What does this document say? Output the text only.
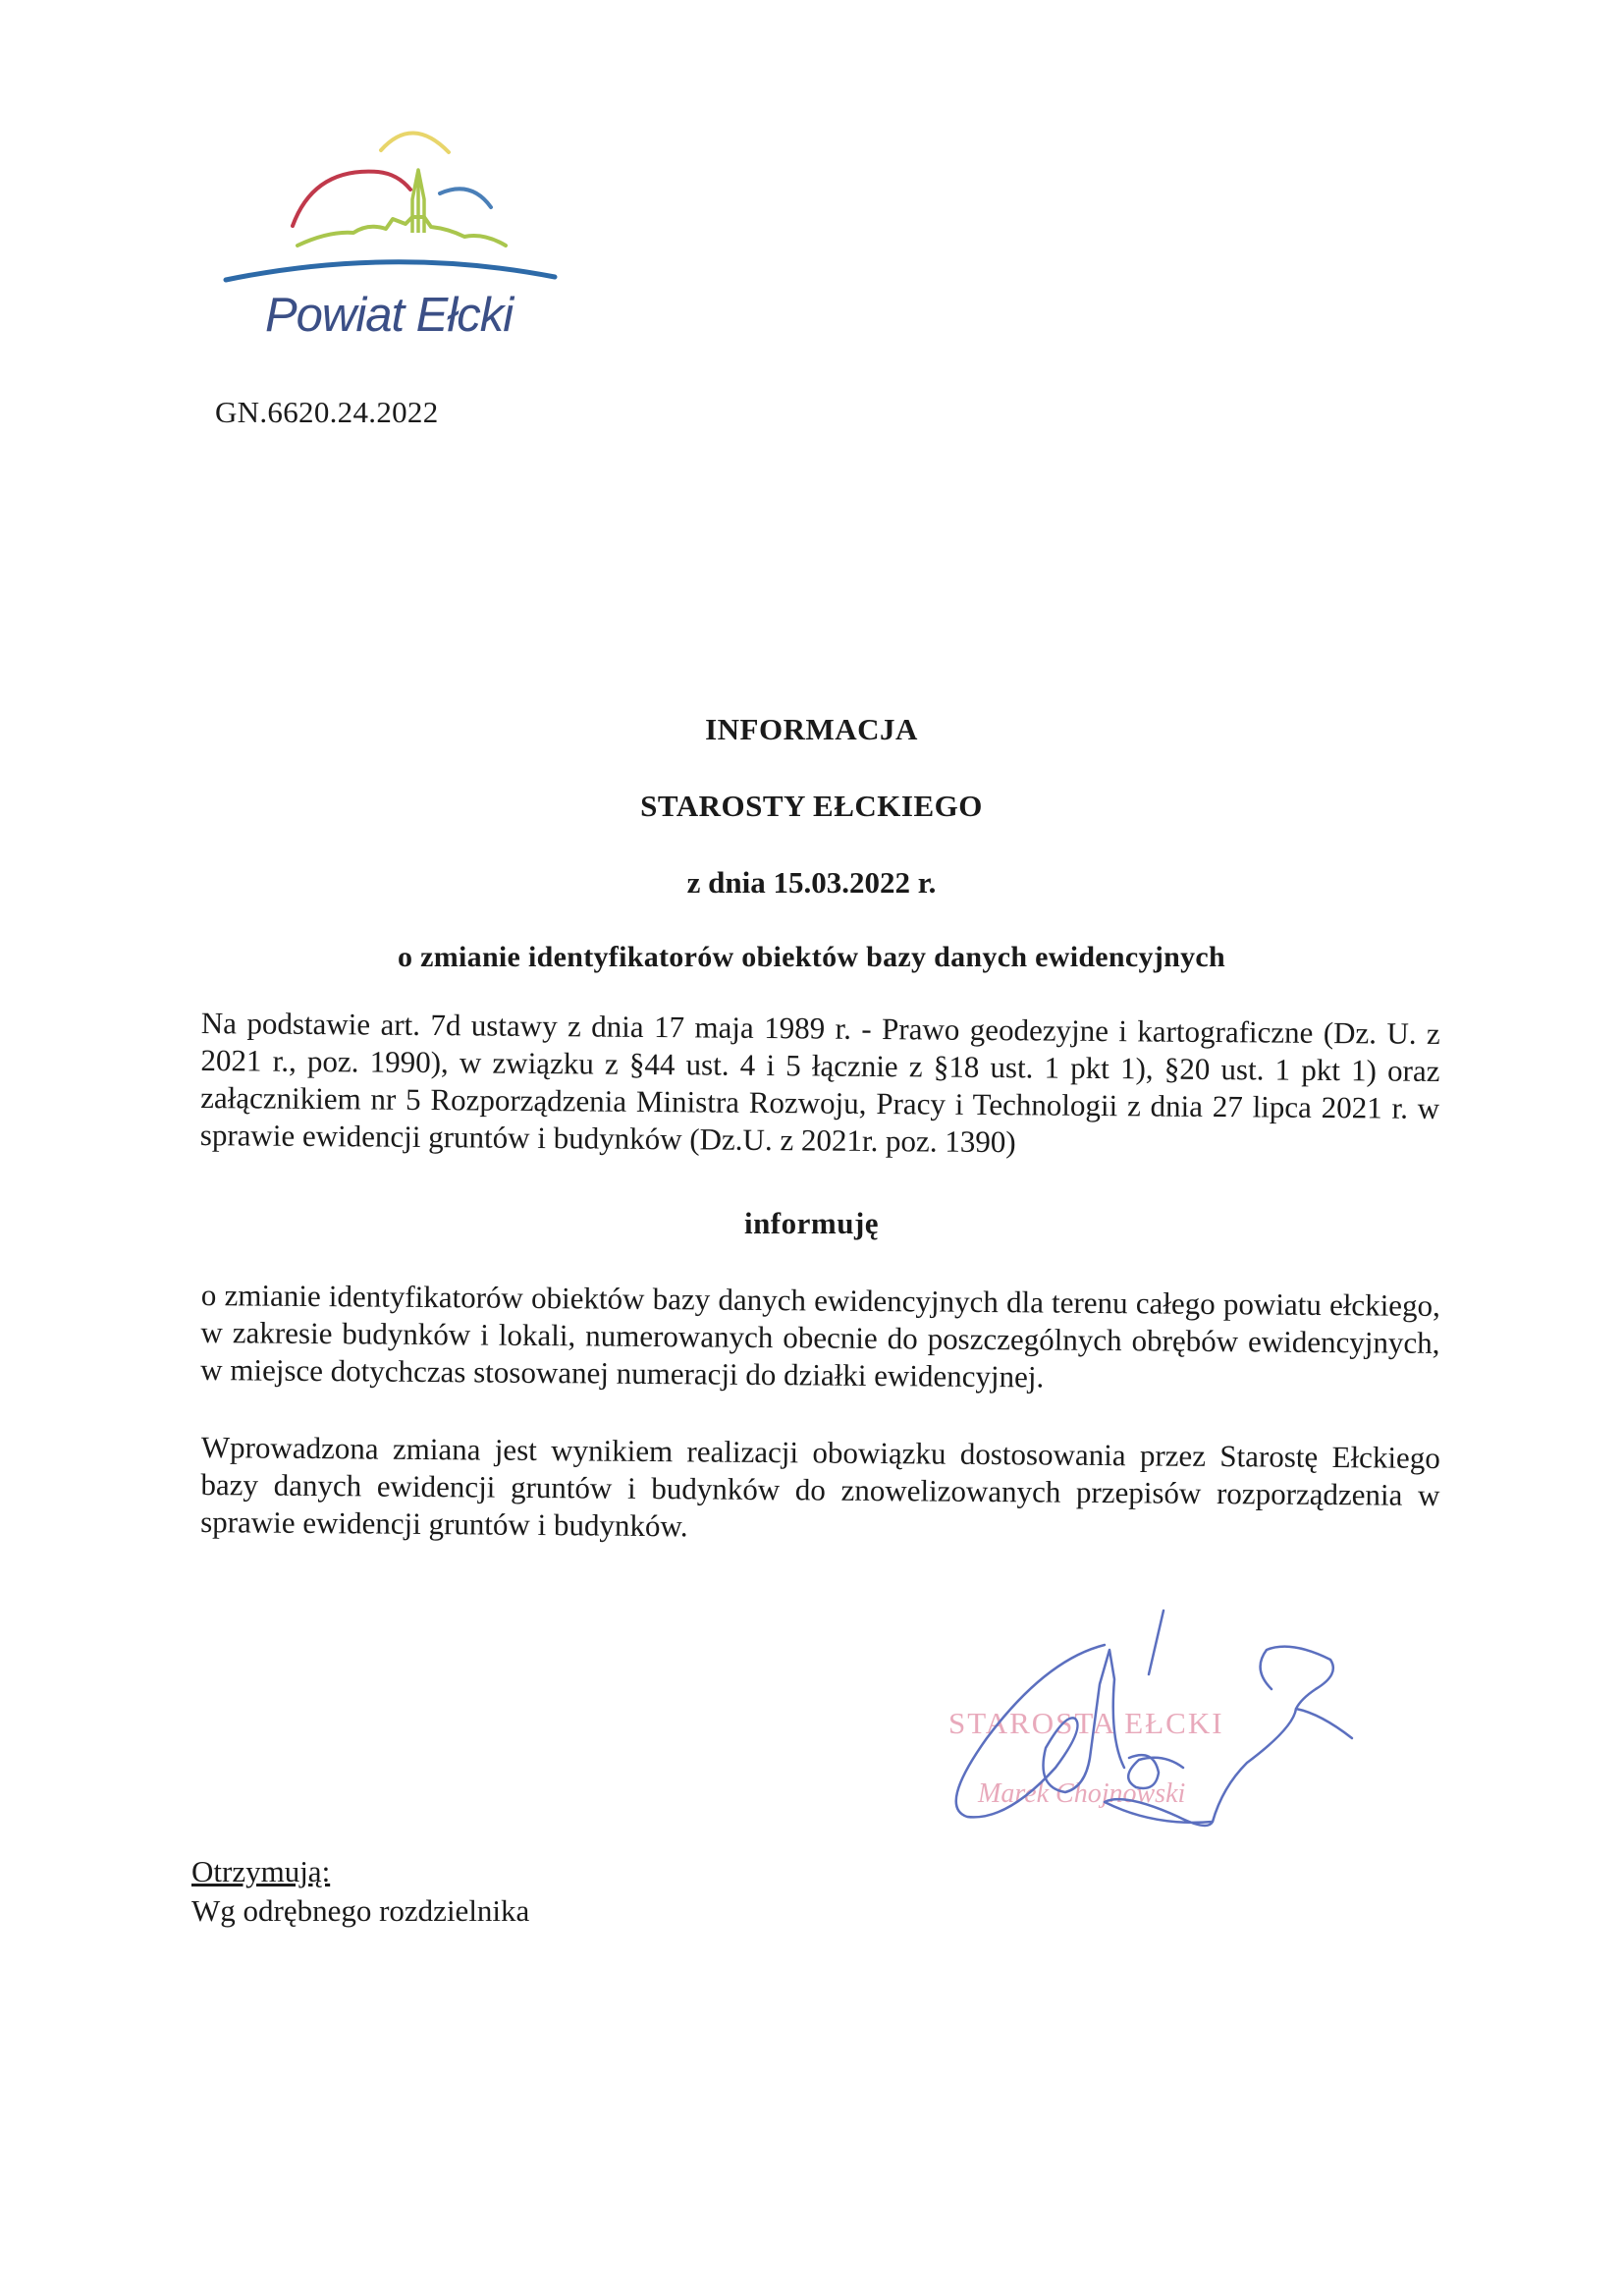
Powiat Ełcki
GN.6620.24.2022
INFORMACJA
STAROSTY EŁCKIEGO
z dnia 15.03.2022 r.
o zmianie identyfikatorów obiektów bazy danych ewidencyjnych
Na podstawie art. 7d ustawy z dnia 17 maja 1989 r. - Prawo geodezyjne i kartograficzne (Dz. U. z 2021 r., poz. 1990), w związku z §44 ust. 4 i 5 łącznie z §18 ust. 1 pkt 1), §20 ust. 1 pkt 1) oraz załącznikiem nr 5 Rozporządzenia Ministra Rozwoju, Pracy i Technologii z dnia 27 lipca 2021 r. w sprawie ewidencji gruntów i budynków (Dz.U. z 2021r. poz. 1390)
informuję
o zmianie identyfikatorów obiektów bazy danych ewidencyjnych dla terenu całego powiatu ełckiego, w zakresie budynków i lokali, numerowanych obecnie do poszczególnych obrębów ewidencyjnych, w miejsce dotychczas stosowanej numeracji do działki ewidencyjnej.
Wprowadzona zmiana jest wynikiem realizacji obowiązku dostosowania przez Starostę Ełckiego bazy danych ewidencji gruntów i budynków do znowelizowanych przepisów rozporządzenia w sprawie ewidencji gruntów i budynków.
STAROSTA EŁCKI
Marek Chojnowski
Otrzymują:
Wg odrębnego rozdzielnika
